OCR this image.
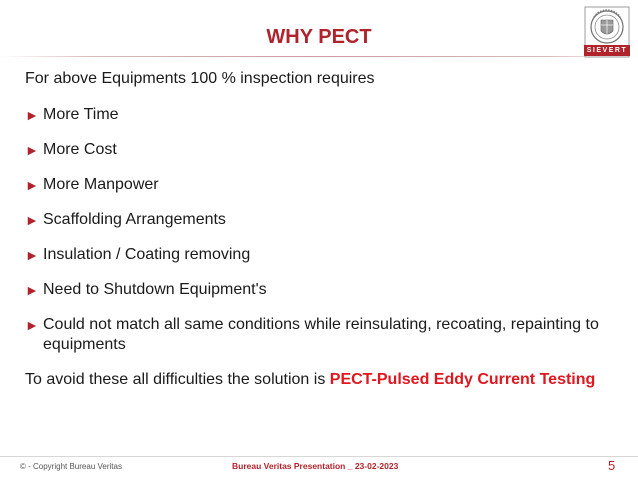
WHY PECT
SIEVERT
For above Equipments 100 % inspection requires
► More Time
► More Cost
► More Manpower
► Scaffolding Arrangements
► Insulation / Coating removing
► Need to Shutdown Equipment's
► Could not match all same conditions while reinsulating, recoating, repainting to equipments
To avoid these all difficulties the solution is PECT-Pulsed Eddy Current Testing
© - Copyright Bureau Veritas	Bureau Veritas Presentation _ 23-02-2023	5
